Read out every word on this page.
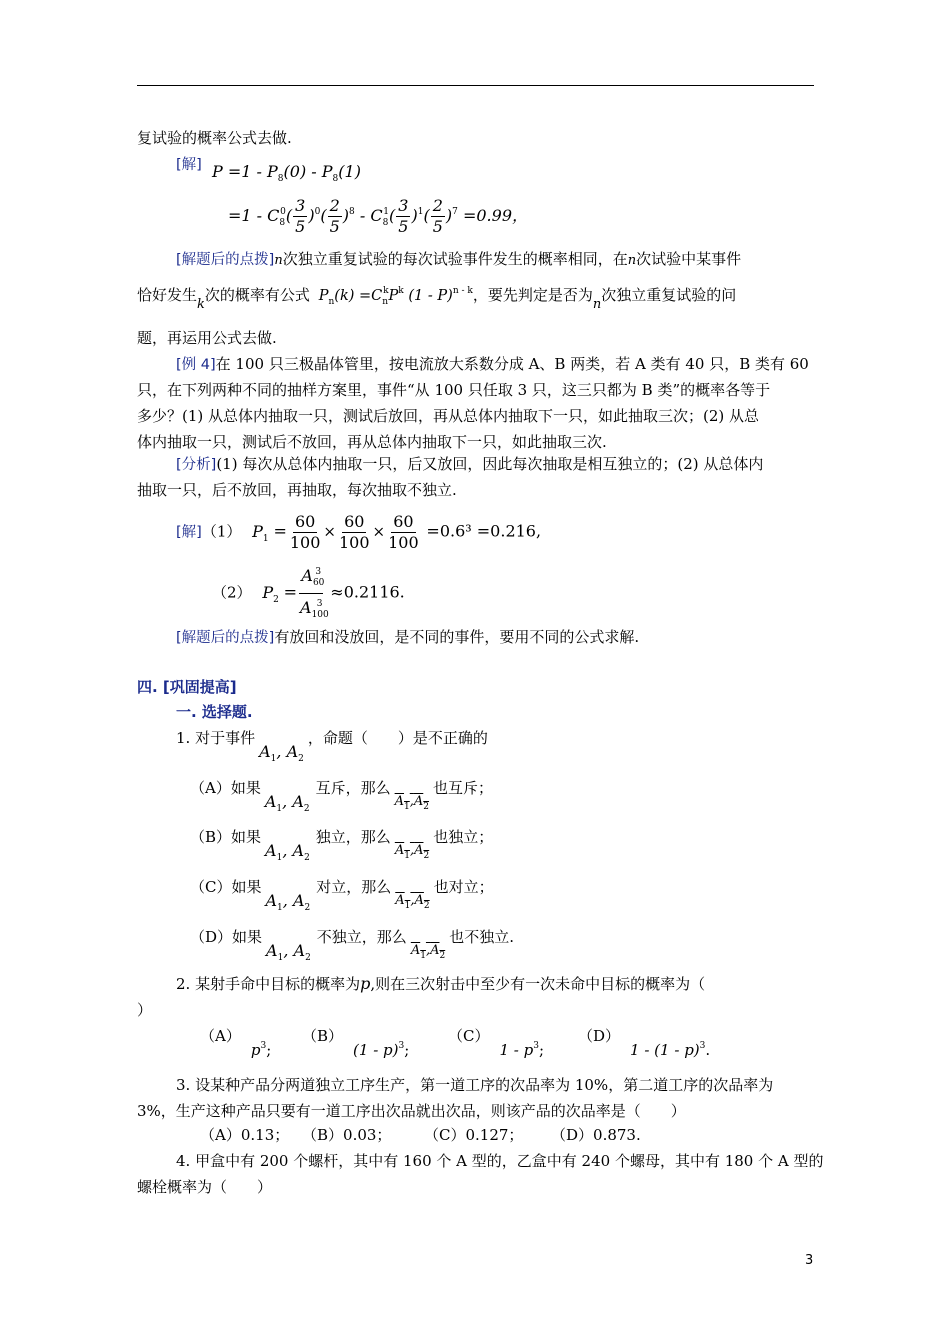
复试验的概率公式去做.
[解] $P =1 - P_8(0) - P_8(1)$
$=1 - C_8^0( \frac{3}{5} )^0( \frac{2}{5} )^8 - C_8^1( \frac{3}{5} )^1( \frac{2}{5} )^7 =0.99$，
[解题后的点拨]n次独立重复试验的每次试验事件发生的概率相同，在n次试验中某事件
恰好发生k次的概率有公式 $P_n(k) =C_n^kP^k$ (1 - P)$^{n - k}$，要先判定是否为n次独立重复试验的问
题，再运用公式去做.
[例 4]在 100 只三极晶体管里，按电流放大系数分成 A、B 两类，若 A 类有 40 只，B 类有 60
只，在下列两种不同的抽样方案里，事件“从 100 只任取 3 只，这三只都为 B 类”的概率各等于
多少？(1) 从总体内抽取一只，测试后放回，再从总体内抽取下一只，如此抽取三次；(2) 从总
体内抽取一只，测试后不放回，再从总体内抽取下一只，如此抽取三次.
[分析](1) 每次从总体内抽取一只，后又放回，因此每次抽取是相互独立的；(2) 从总体内
抽取一只，后不放回，再抽取，每次抽取不独立.
[解]（1） $P_1 = \frac{60}{100} \times \frac{60}{100} \times \frac{60}{100} =0.6^3 =0.216$,
（2） $P_2 = \frac{A_{60}^3}{A_{100}^3} \approx 0.2116$.
[解题后的点拨]有放回和没放回，是不同的事件，要用不同的公式求解.
四. [巩固提高]
一. 选择题.
1. 对于事件$A_1$, $A_2$，命题（　　）是不正确的
（A）如果$A_1$, $A_2$互斥，那么$A_1,A_2$也互斥；
（B）如果$A_1$, $A_2$独立，那么$A_1,A_2$也独立；
（C）如果$A_1$, $A_2$对立，那么$A_1,A_2$也对立；
（D）如果$A_1$, $A_2$不独立，那么$A_1,A_2$也不独立.
2. 某射手命中目标的概率为p,则在三次射击中至少有一次未命中目标的概率为（
）
$(A)p^3$;
（B）(1 - p)$^3$;
$(C)1 - p^3$;
（D）1 - (1 - p)$^3$.
3. 设某种产品分两道独立工序生产，第一道工序的次品率为 10%，第二道工序的次品率为
3%，生产这种产品只要有一道工序出次品就出次品，则该产品的次品率是（　　）
（A）0.13； （B）0.03； （C）0.127； （D）0.873.
4. 甲盒中有 200 个螺杆，其中有 160 个 A 型的，乙盒中有 240 个螺母，其中有 180 个 A 型的
螺栓概率为（　　）
3
